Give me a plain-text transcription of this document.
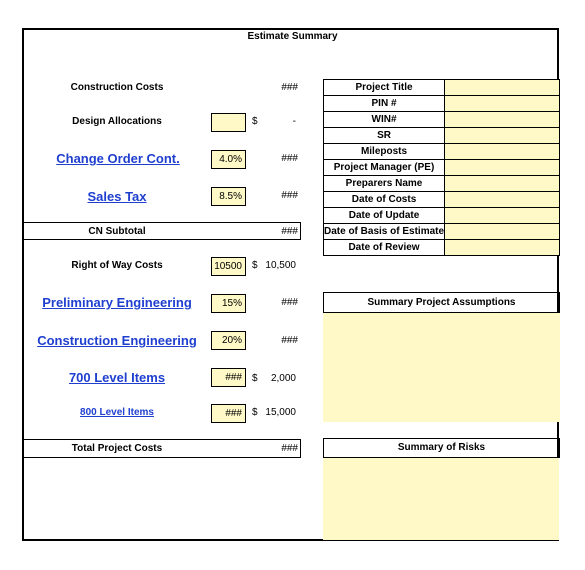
Estimate Summary
Construction Costs	###
Design Allocations	$	-
Change Order Cont.	4.0%	###
Sales Tax	8.5%	###
CN Subtotal	###
Right of Way Costs	10500	$ 10,500
Preliminary Engineering	15%	###
Construction Engineering	20%	###
700 Level Items	###	$	2,000
800 Level Items	###	$ 15,000
Total Project Costs	###
Project Title	
PIN #	
WIN#	
SR	
Mileposts	
Project Manager (PE)	
Preparers Name	
Date of Costs	
Date of Update	
Date of Basis of Estimate	
Date of Review	
Summary Project Assumptions
Summary of Risks
